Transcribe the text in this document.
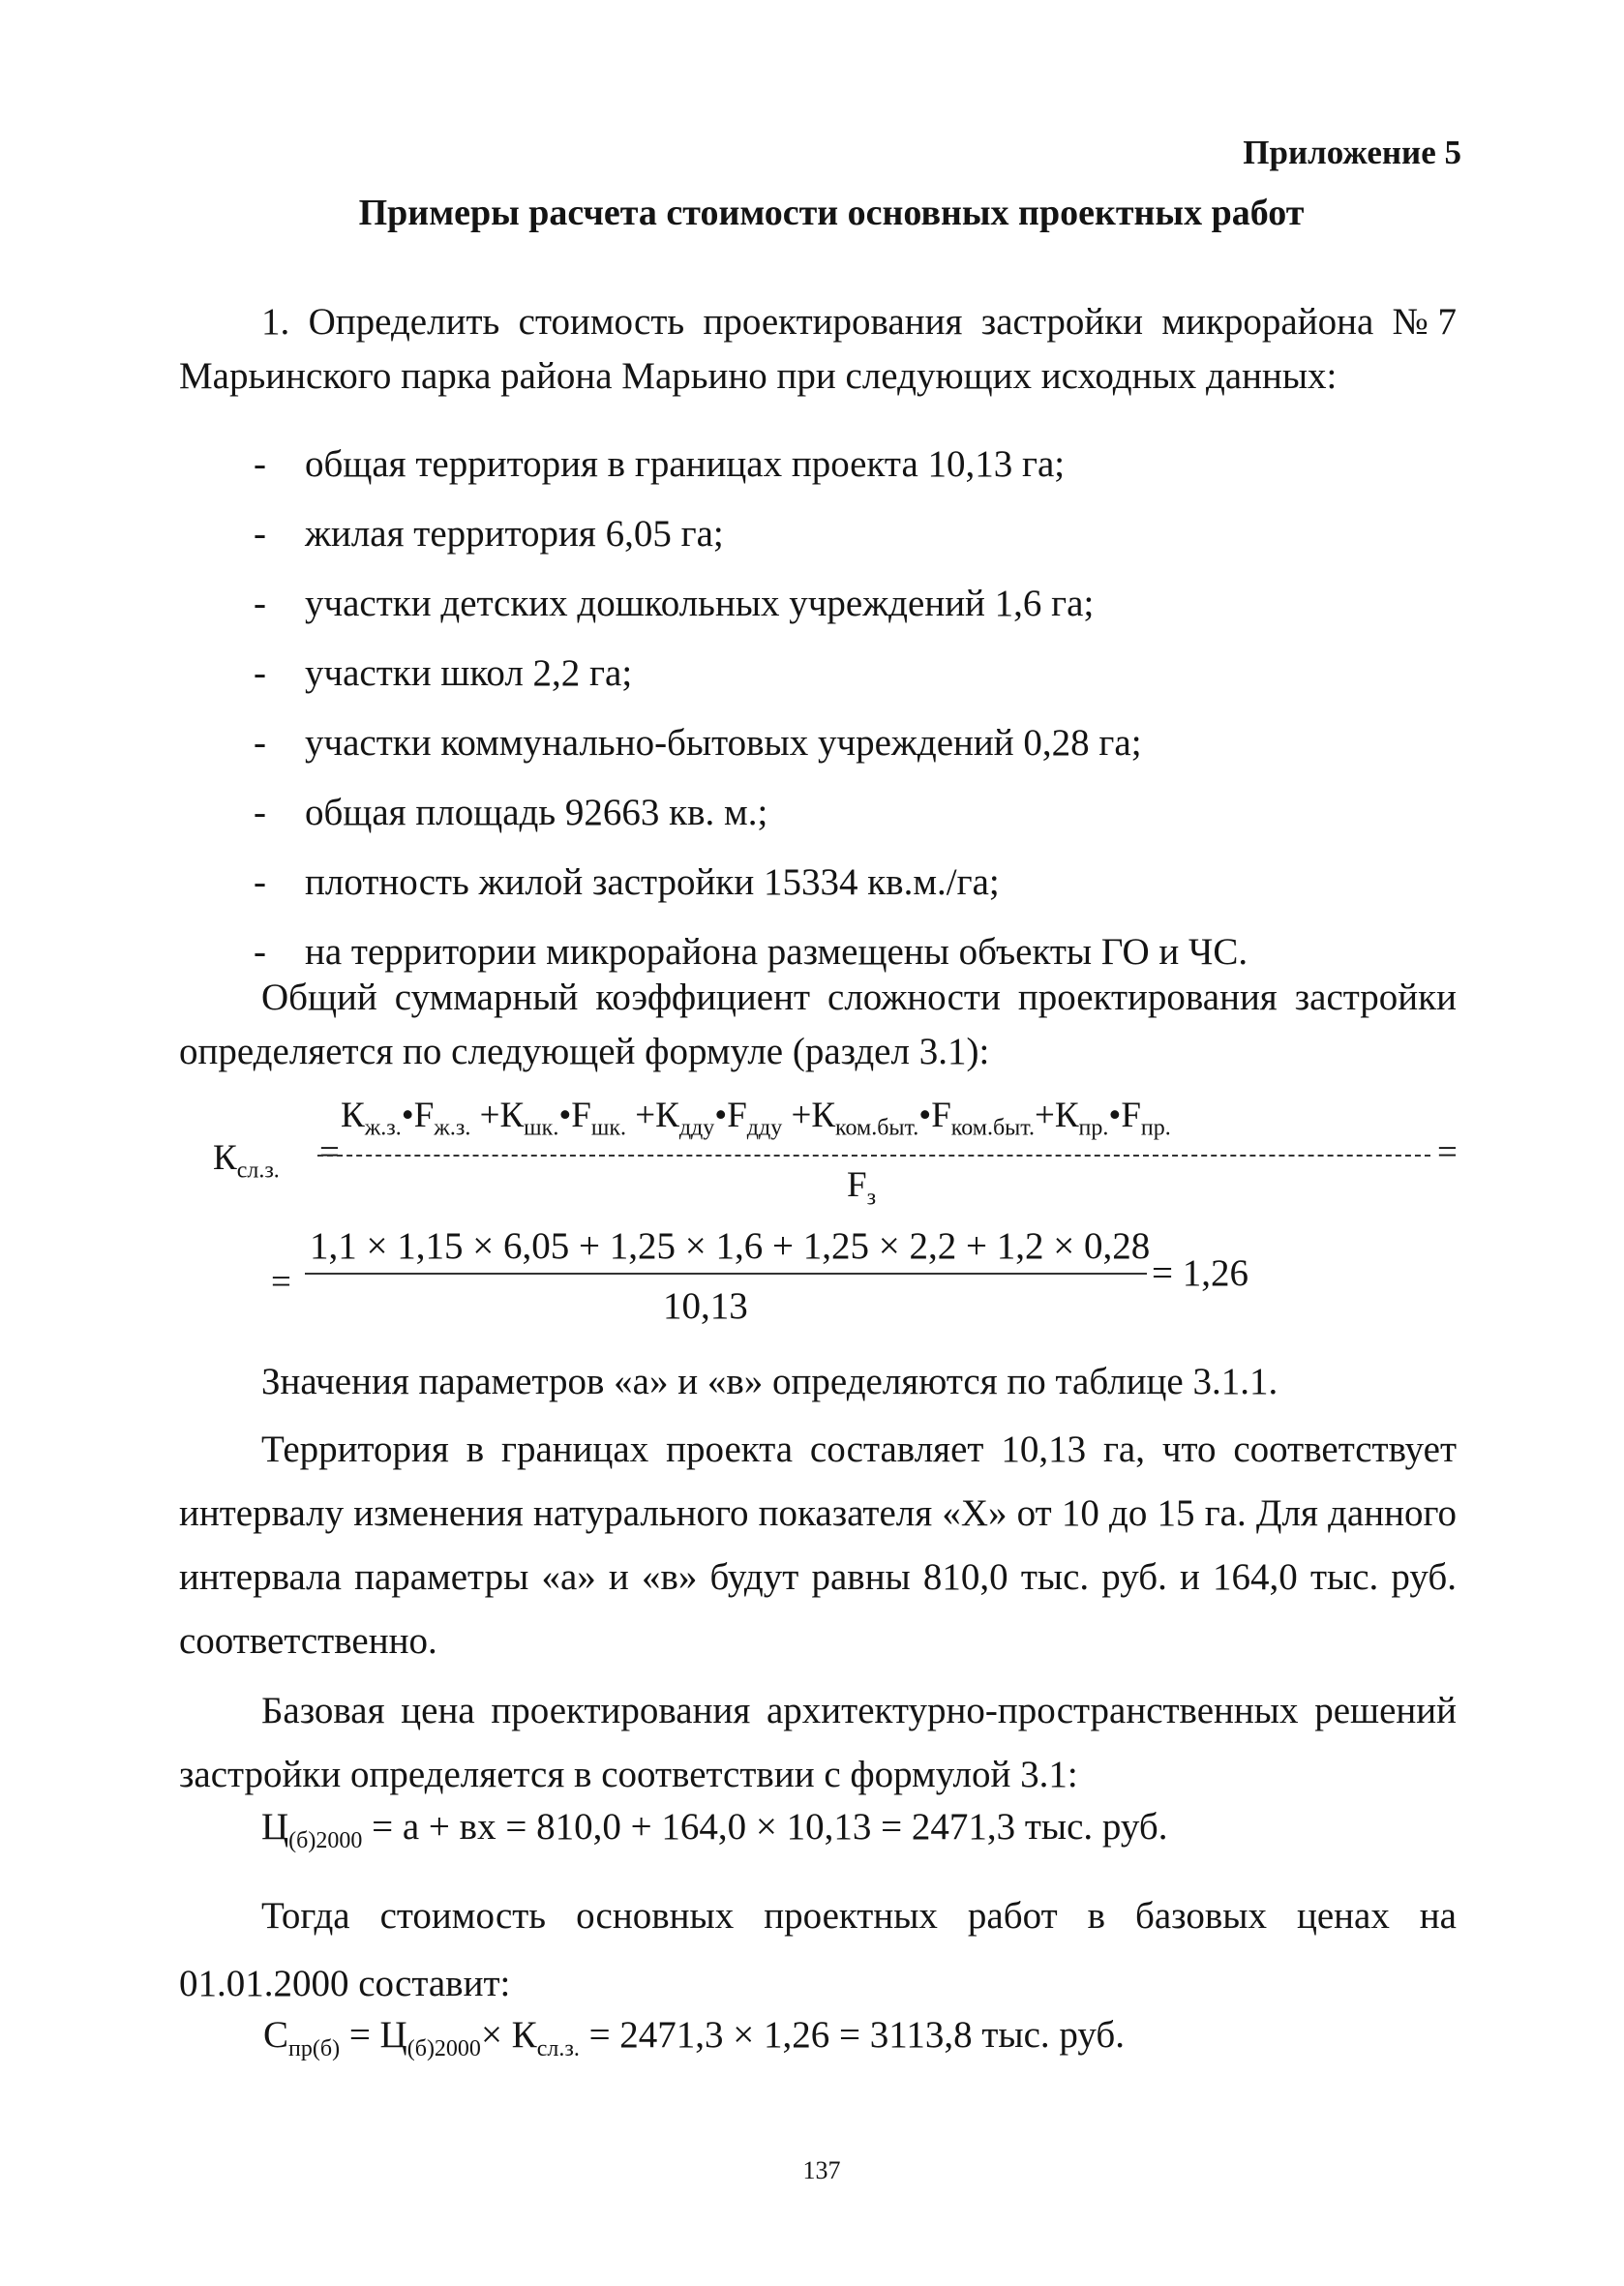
Приложение 5
Примеры расчета стоимости основных проектных работ
1. Определить стоимость проектирования застройки микрорайона №7 Марьинского парка района Марьино при следующих исходных данных:
- общая территория в границах проекта 10,13 га;
- жилая территория 6,05 га;
- участки детских дошкольных учреждений 1,6 га;
- участки школ 2,2 га;
- участки коммунально-бытовых учреждений 0,28 га;
- общая площадь 92663 кв. м.;
- плотность жилой застройки 15334 кв.м./га;
- на территории микрорайона размещены объекты ГО и ЧС.
Общий суммарный коэффициент сложности проектирования застройки определяется по следующей формуле (раздел 3.1):
$К_{сл.з.}$ =
$К_{ж.з.}•F_{ж.з.}$ $+К_{шк.}•F_{шк.}$ $+К_{дду}•F_{дду}$ $+К_{ком.быт.}•F_{ком.быт.}+К_{пр.}•F_{пр.}$
=
$F_з$
=
1,1 × 1,15 × 6,05 + 1,25 × 1,6 + 1,25 × 2,2 + 1,2 × 0,28
10,13
= 1,26
Значения параметров «а» и «в» определяются по таблице 3.1.1.
Территория в границах проекта составляет 10,13 га, что соответствует интервалу изменения натурального показателя «Х» от 10 до 15 га. Для данного интервала параметры «а» и «в» будут равны 810,0 тыс. руб. и 164,0 тыс. руб. соответственно.
Базовая цена проектирования архитектурно-пространственных решений застройки определяется в соответствии с формулой 3.1:
$Ц_{(б)2000} = а$ + вх = 810,0 + 164,0 × 10,13 = 2471,3 тыс. руб.
Тогда стоимость основных проектных работ в базовых ценах на 01.01.2000 составит:
$С_{пр(б)} = Ц_{(б)2000}\times К_{сл.з.} = 2471,3 \times 1,26 = 3113,8$ тыс. руб.
137
